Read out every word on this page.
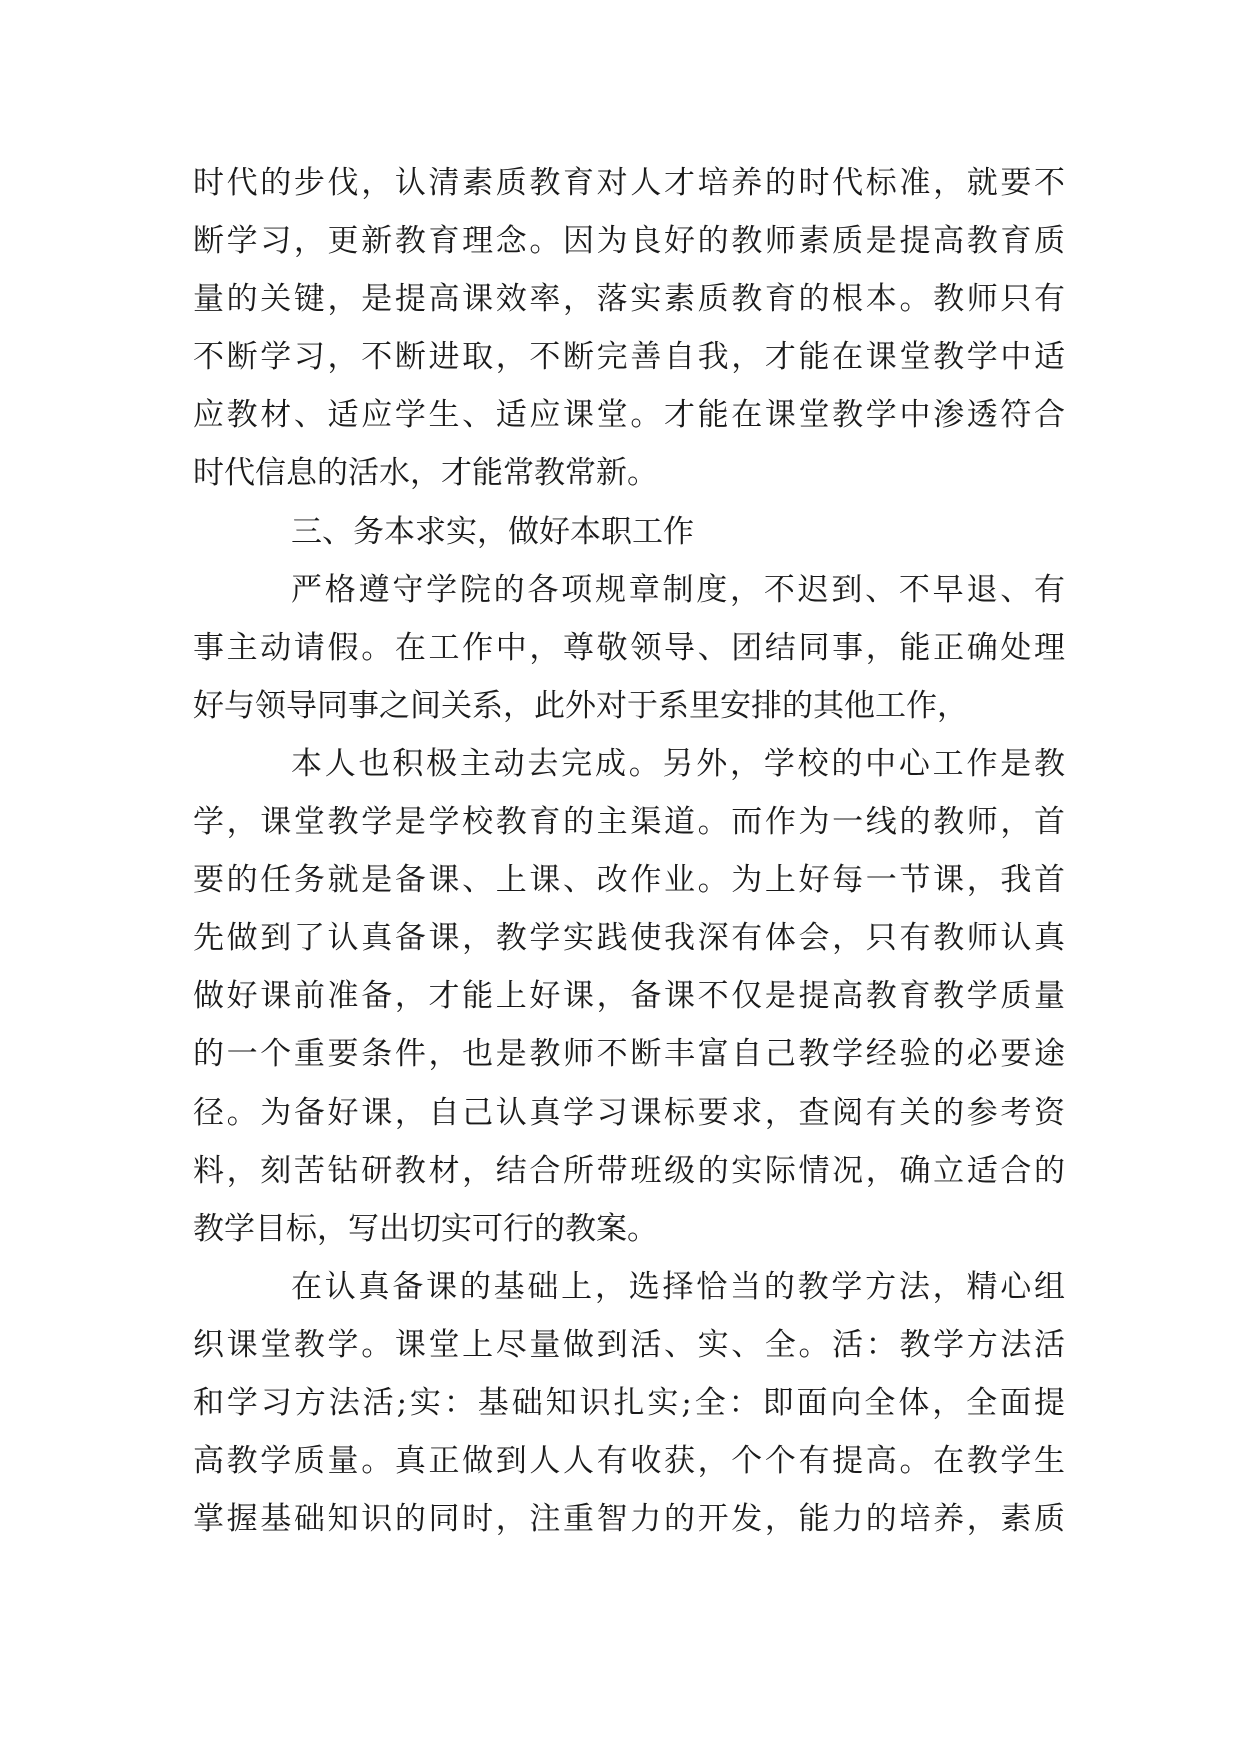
时代的步伐，认清素质教育对人才培养的时代标准，就要不
断学习，更新教育理念。因为良好的教师素质是提高教育质
量的关键，是提高课效率，落实素质教育的根本。教师只有
不断学习，不断进取，不断完善自我，才能在课堂教学中适
应教材、适应学生、适应课堂。才能在课堂教学中渗透符合
时代信息的活水，才能常教常新。
三、务本求实，做好本职工作
严格遵守学院的各项规章制度，不迟到、不早退、有
事主动请假。在工作中，尊敬领导、团结同事，能正确处理
好与领导同事之间关系，此外对于系里安排的其他工作，
本人也积极主动去完成。另外，学校的中心工作是教
学，课堂教学是学校教育的主渠道。而作为一线的教师，首
要的任务就是备课、上课、改作业。为上好每一节课，我首
先做到了认真备课，教学实践使我深有体会，只有教师认真
做好课前准备，才能上好课，备课不仅是提高教育教学质量
的一个重要条件，也是教师不断丰富自己教学经验的必要途
径。为备好课，自己认真学习课标要求，查阅有关的参考资
料，刻苦钻研教材，结合所带班级的实际情况，确立适合的
教学目标，写出切实可行的教案。
在认真备课的基础上，选择恰当的教学方法，精心组
织课堂教学。课堂上尽量做到活、实、全。活：教学方法活
和学习方法活;实：基础知识扎实;全：即面向全体，全面提
高教学质量。真正做到人人有收获，个个有提高。在教学生
掌握基础知识的同时，注重智力的开发，能力的培养，素质
